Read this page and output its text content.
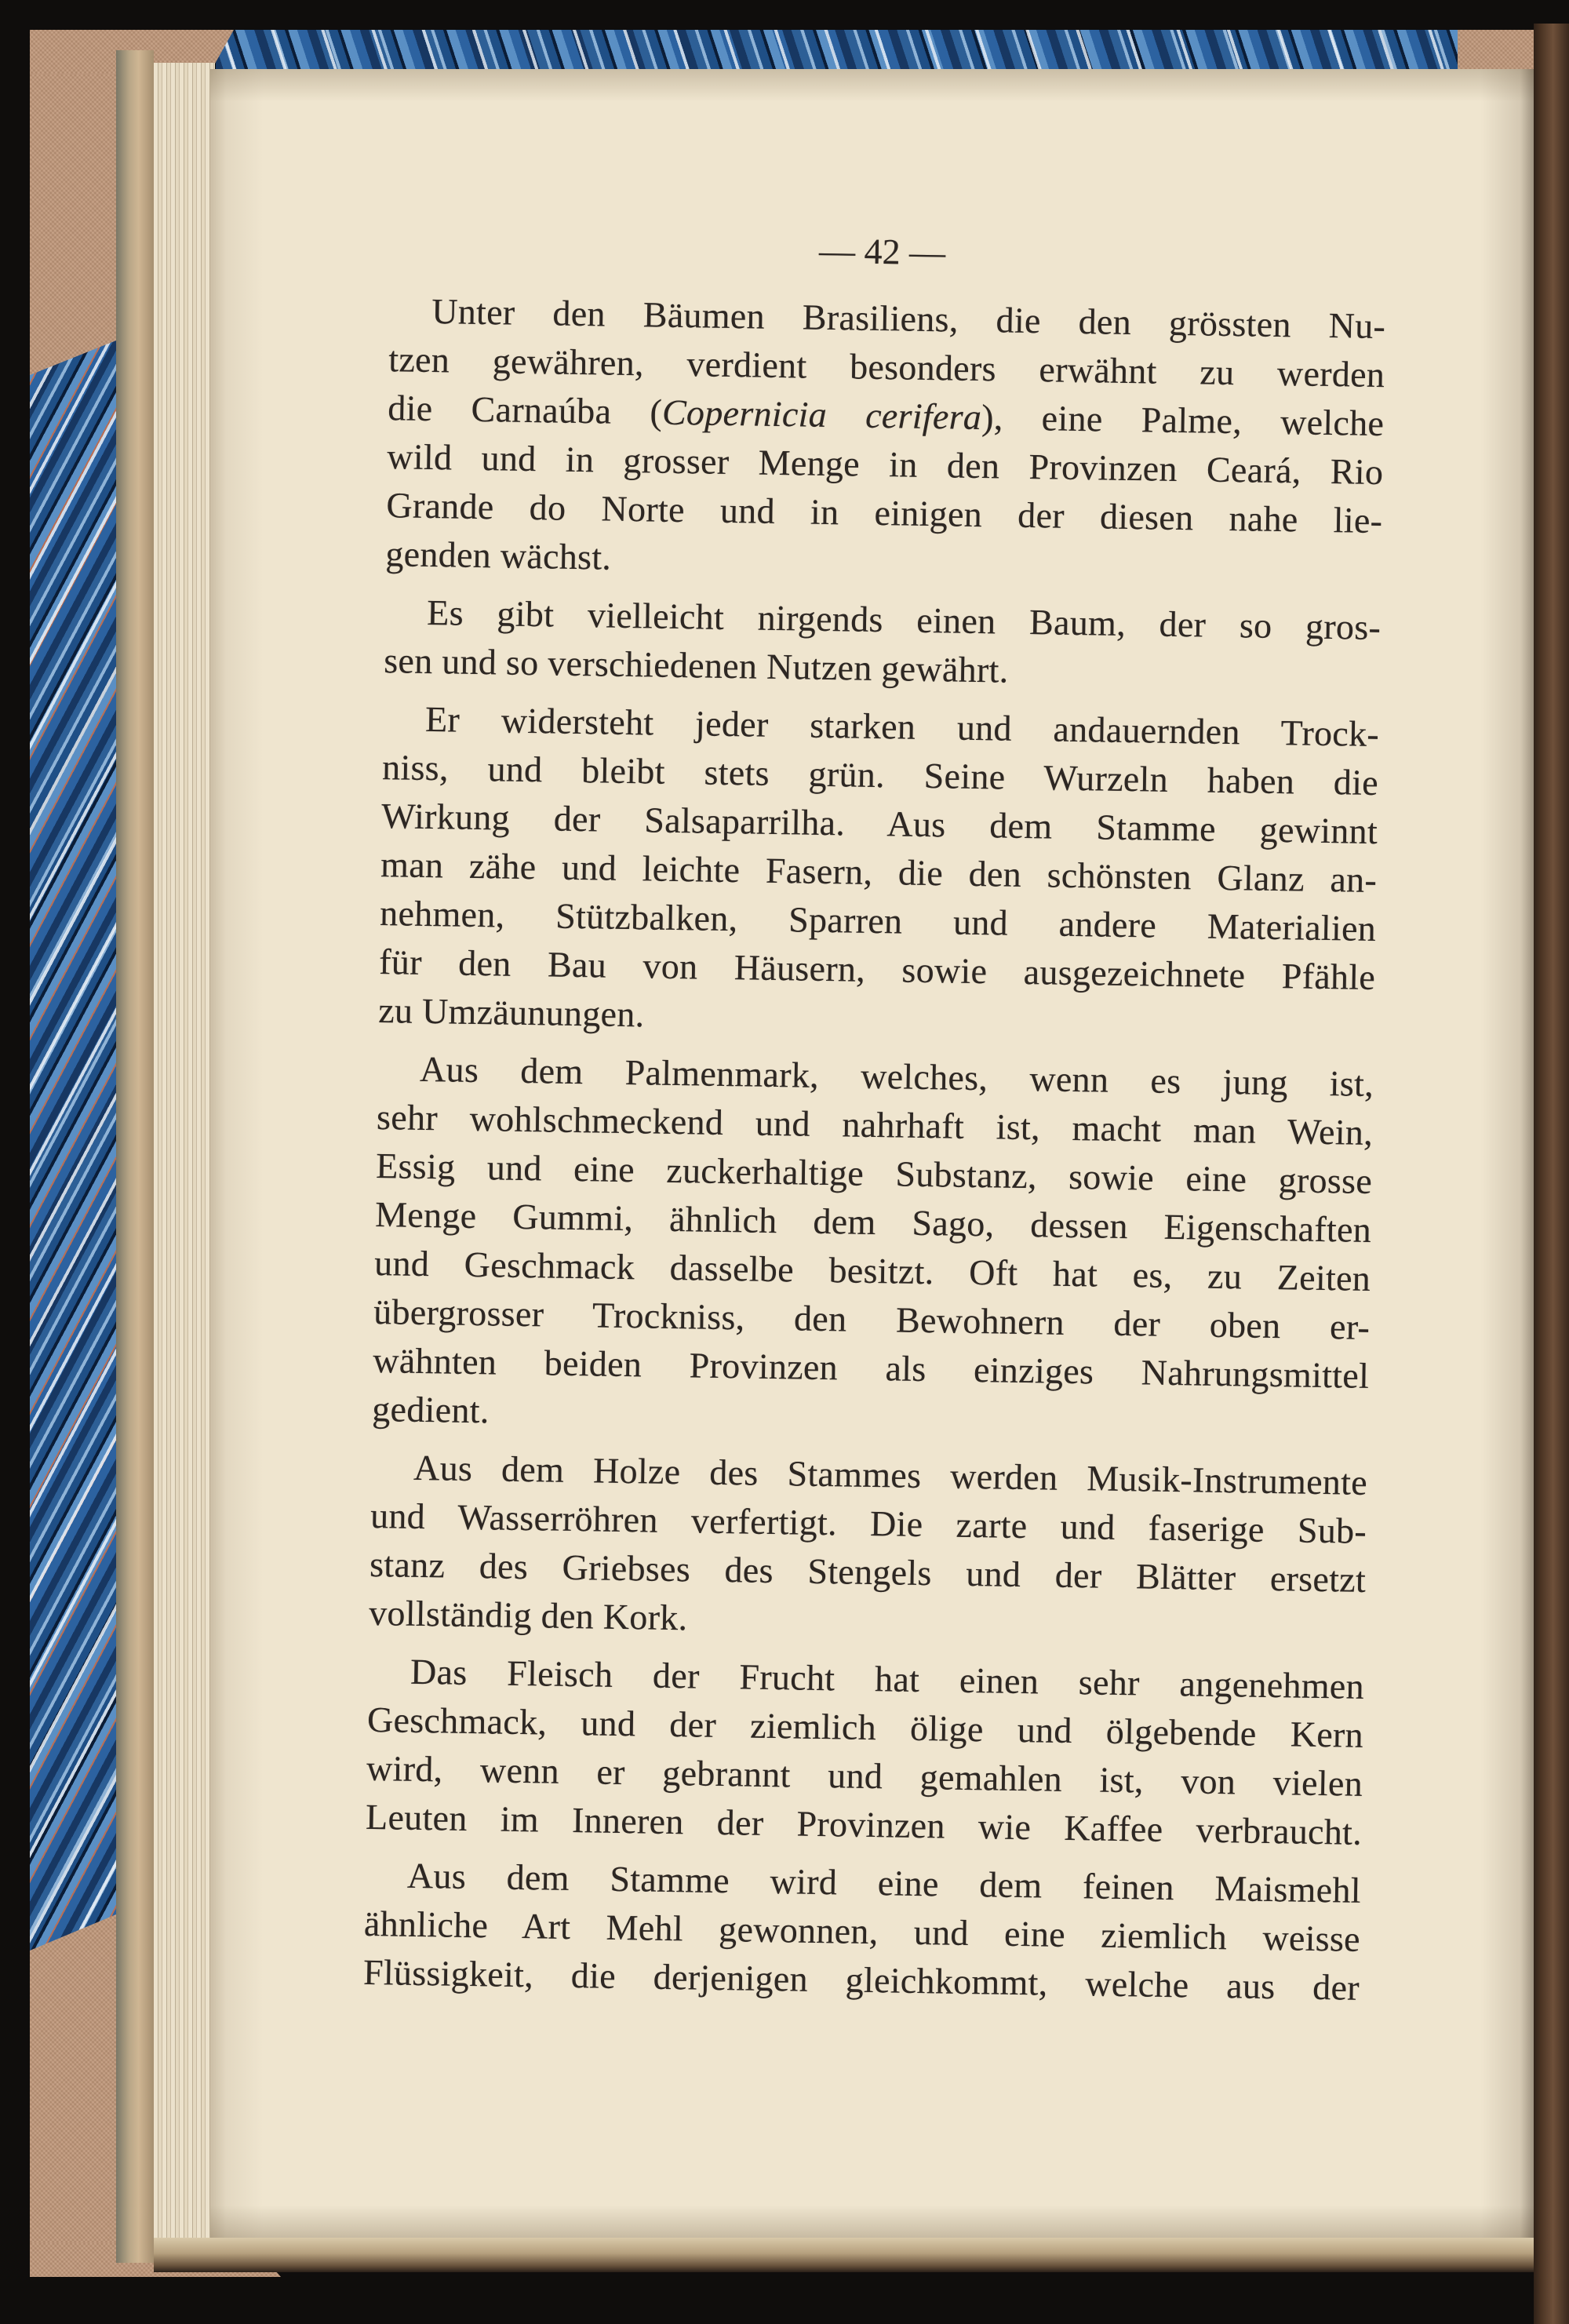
— 42 —
Unter den Bäumen Brasiliens, die den grössten Nu-
tzen gewähren, verdient besonders erwähnt zu werden
die Carnaúba (Copernicia cerifera), eine Palme, welche
wild und in grosser Menge in den Provinzen Ceará, Rio
Grande do Norte und in einigen der diesen nahe lie-
genden wächst.
Es gibt vielleicht nirgends einen Baum, der so gros-
sen und so verschiedenen Nutzen gewährt.
Er widersteht jeder starken und andauernden Trock-
niss, und bleibt stets grün. Seine Wurzeln haben die
Wirkung der Salsaparrilha. Aus dem Stamme gewinnt
man zähe und leichte Fasern, die den schönsten Glanz an-
nehmen, Stützbalken, Sparren und andere Materialien
für den Bau von Häusern, sowie ausgezeichnete Pfähle
zu Umzäunungen.
Aus dem Palmenmark, welches, wenn es jung ist,
sehr wohlschmeckend und nahrhaft ist, macht man Wein,
Essig und eine zuckerhaltige Substanz, sowie eine grosse
Menge Gummi, ähnlich dem Sago, dessen Eigenschaften
und Geschmack dasselbe besitzt. Oft hat es, zu Zeiten
übergrosser Trockniss, den Bewohnern der oben er-
wähnten beiden Provinzen als einziges Nahrungsmittel
gedient.
Aus dem Holze des Stammes werden Musik-Instrumente
und Wasserröhren verfertigt. Die zarte und faserige Sub-
stanz des Griebses des Stengels und der Blätter ersetzt
vollständig den Kork.
Das Fleisch der Frucht hat einen sehr angenehmen
Geschmack, und der ziemlich ölige und ölgebende Kern
wird, wenn er gebrannt und gemahlen ist, von vielen
Leuten im Inneren der Provinzen wie Kaffee verbraucht.
Aus dem Stamme wird eine dem feinen Maismehl
ähnliche Art Mehl gewonnen, und eine ziemlich weisse
Flüssigkeit, die derjenigen gleichkommt, welche aus der
